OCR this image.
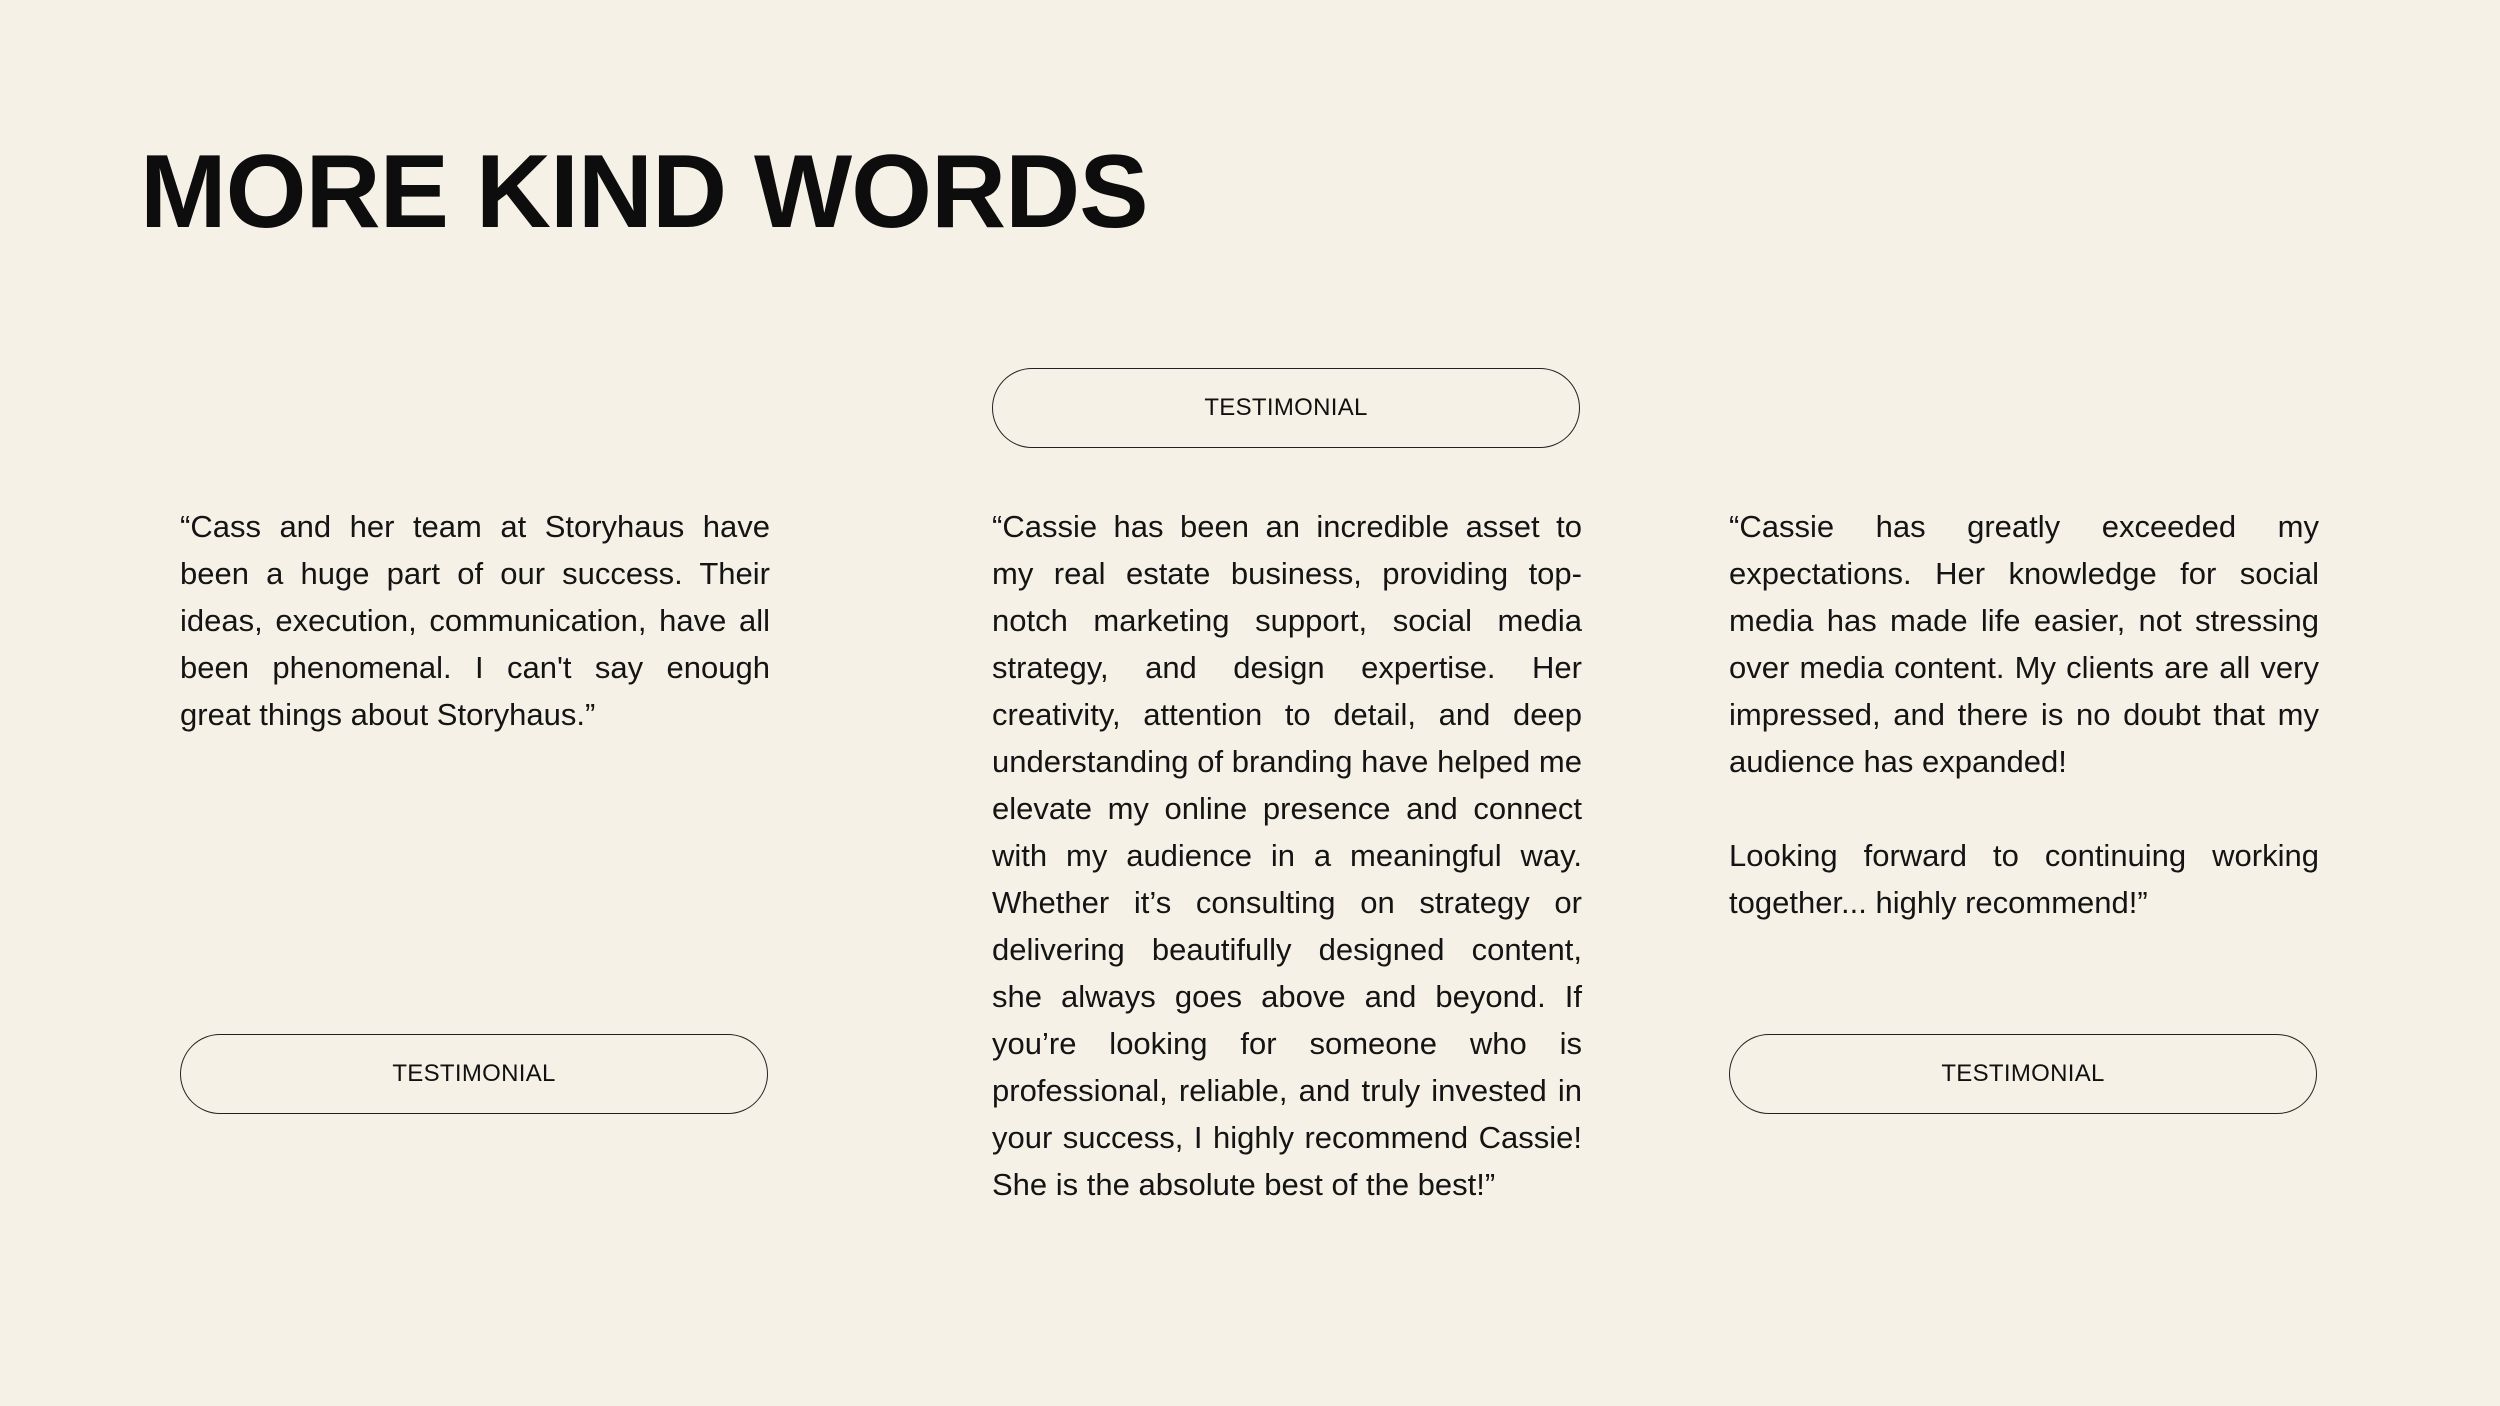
MORE KIND WORDS
“Cass and her team at Storyhaus have been a huge part of our success. Their ideas, execution, communication, have all been phenomenal. I can't say enough great things about Storyhaus.”
TESTIMONIAL
TESTIMONIAL
“Cassie has been an incredible asset to my real estate business, providing top-notch marketing support, social media strategy, and design expertise. Her creativity, attention to detail, and deep understanding of branding have helped me elevate my online presence and connect with my audience in a meaningful way. Whether it’s consulting on strategy or delivering beautifully designed content, she always goes above and beyond. If you’re looking for someone who is professional, reliable, and truly invested in your success, I highly recommend Cassie! She is the absolute best of the best!”
“Cassie has greatly exceeded my expectations. Her knowledge for social media has made life easier, not stressing over media content. My clients are all very impressed, and there is no doubt that my audience has expanded!
Looking forward to continuing working together... highly recommend!”
TESTIMONIAL
